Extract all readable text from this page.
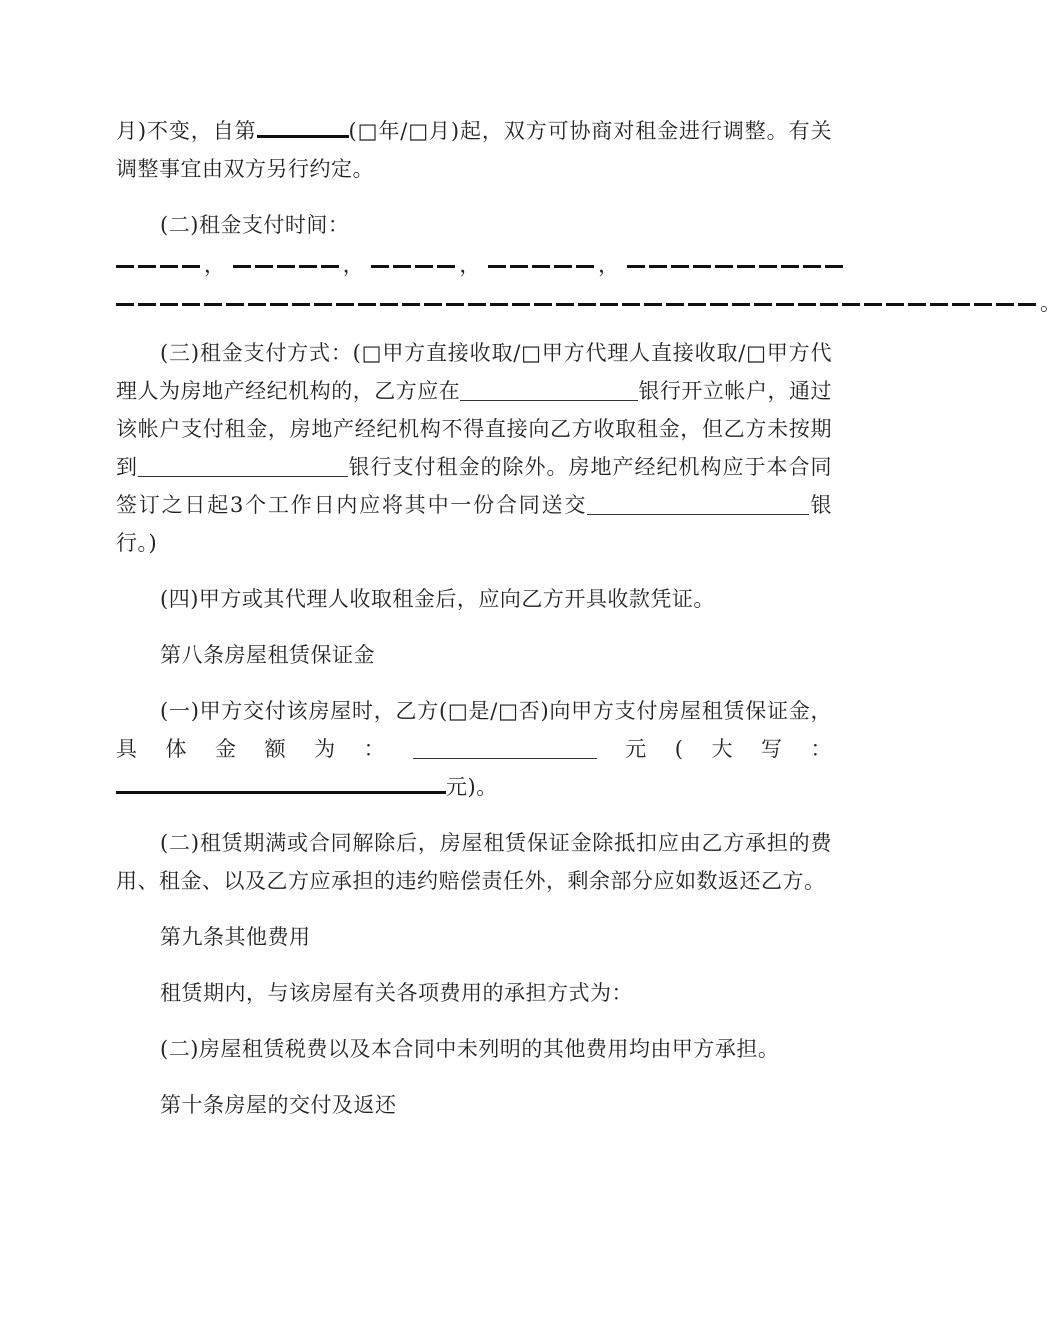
月)不变，自第	(□年/□月)起，双方可协商对租金进行调整。有关调整事宜由双方另行约定。

(二)租金支付时间：

，	，	，	，
。

(三)租金支付方式：(□甲方直接收取/□甲方代理人直接收取/□甲方代理人为房地产经纪机构的，乙方应在	银行开立帐户，通过该帐户支付租金，房地产经纪机构不得直接向乙方收取租金，但乙方未按期到	银行支付租金的除外。房地产经纪机构应于本合同签订之日起3个工作日内应将其中一份合同送交	银行。)

(四)甲方或其代理人收取租金后，应向乙方开具收款凭证。

第八条房屋租赁保证金

(一)甲方交付该房屋时，乙方(□是/□否)向甲方支付房屋租赁保证金，具体金额为：	元(大写：元)。

(二)租赁期满或合同解除后，房屋租赁保证金除抵扣应由乙方承担的费用、租金、以及乙方应承担的违约赔偿责任外，剩余部分应如数返还乙方。

第九条其他费用

租赁期内，与该房屋有关各项费用的承担方式为：

(二)房屋租赁税费以及本合同中未列明的其他费用均由甲方承担。

第十条房屋的交付及返还
